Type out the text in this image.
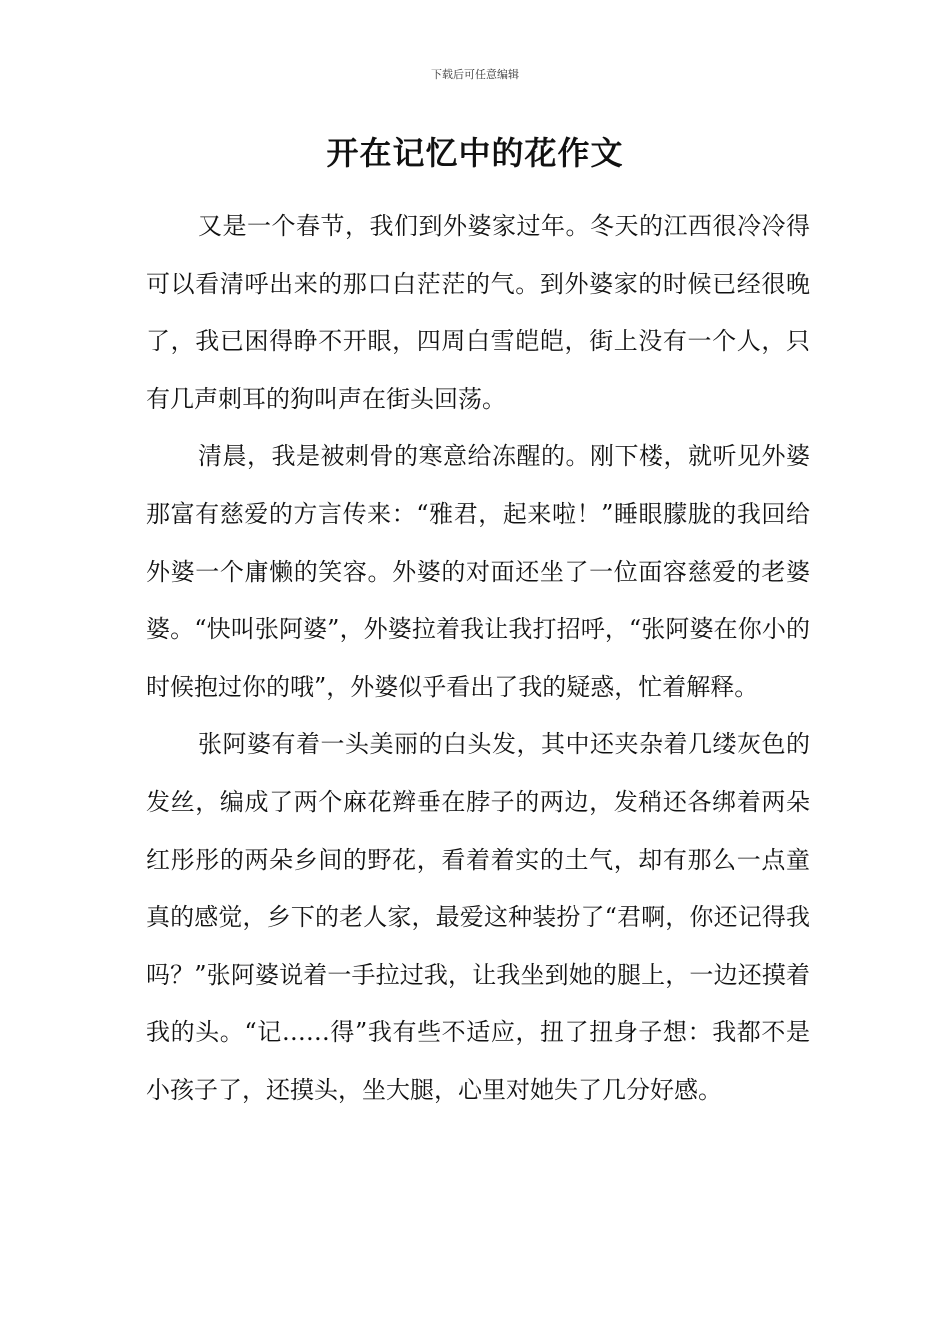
下载后可任意编辑
开在记忆中的花作文

又是一个春节，我们到外婆家过年。冬天的江西很冷冷得可以看清呼出来的那口白茫茫的气。到外婆家的时候已经很晚了，我已困得睁不开眼，四周白雪皑皑，街上没有一个人，只有几声刺耳的狗叫声在街头回荡。

清晨，我是被刺骨的寒意给冻醒的。刚下楼，就听见外婆那富有慈爱的方言传来：“雅君，起来啦！”睡眼朦胧的我回给外婆一个庸懒的笑容。外婆的对面还坐了一位面容慈爱的老婆婆。“快叫张阿婆”，外婆拉着我让我打招呼，“张阿婆在你小的时候抱过你的哦”，外婆似乎看出了我的疑惑，忙着解释。

张阿婆有着一头美丽的白头发，其中还夹杂着几缕灰色的发丝，编成了两个麻花辫垂在脖子的两边，发稍还各绑着两朵红彤彤的两朵乡间的野花，看着着实的土气，却有那么一点童真的感觉，乡下的老人家，最爱这种装扮了“君啊，你还记得我吗？”张阿婆说着一手拉过我，让我坐到她的腿上，一边还摸着我的头。“记……得”我有些不适应，扭了扭身子想：我都不是小孩子了，还摸头，坐大腿，心里对她失了几分好感。
